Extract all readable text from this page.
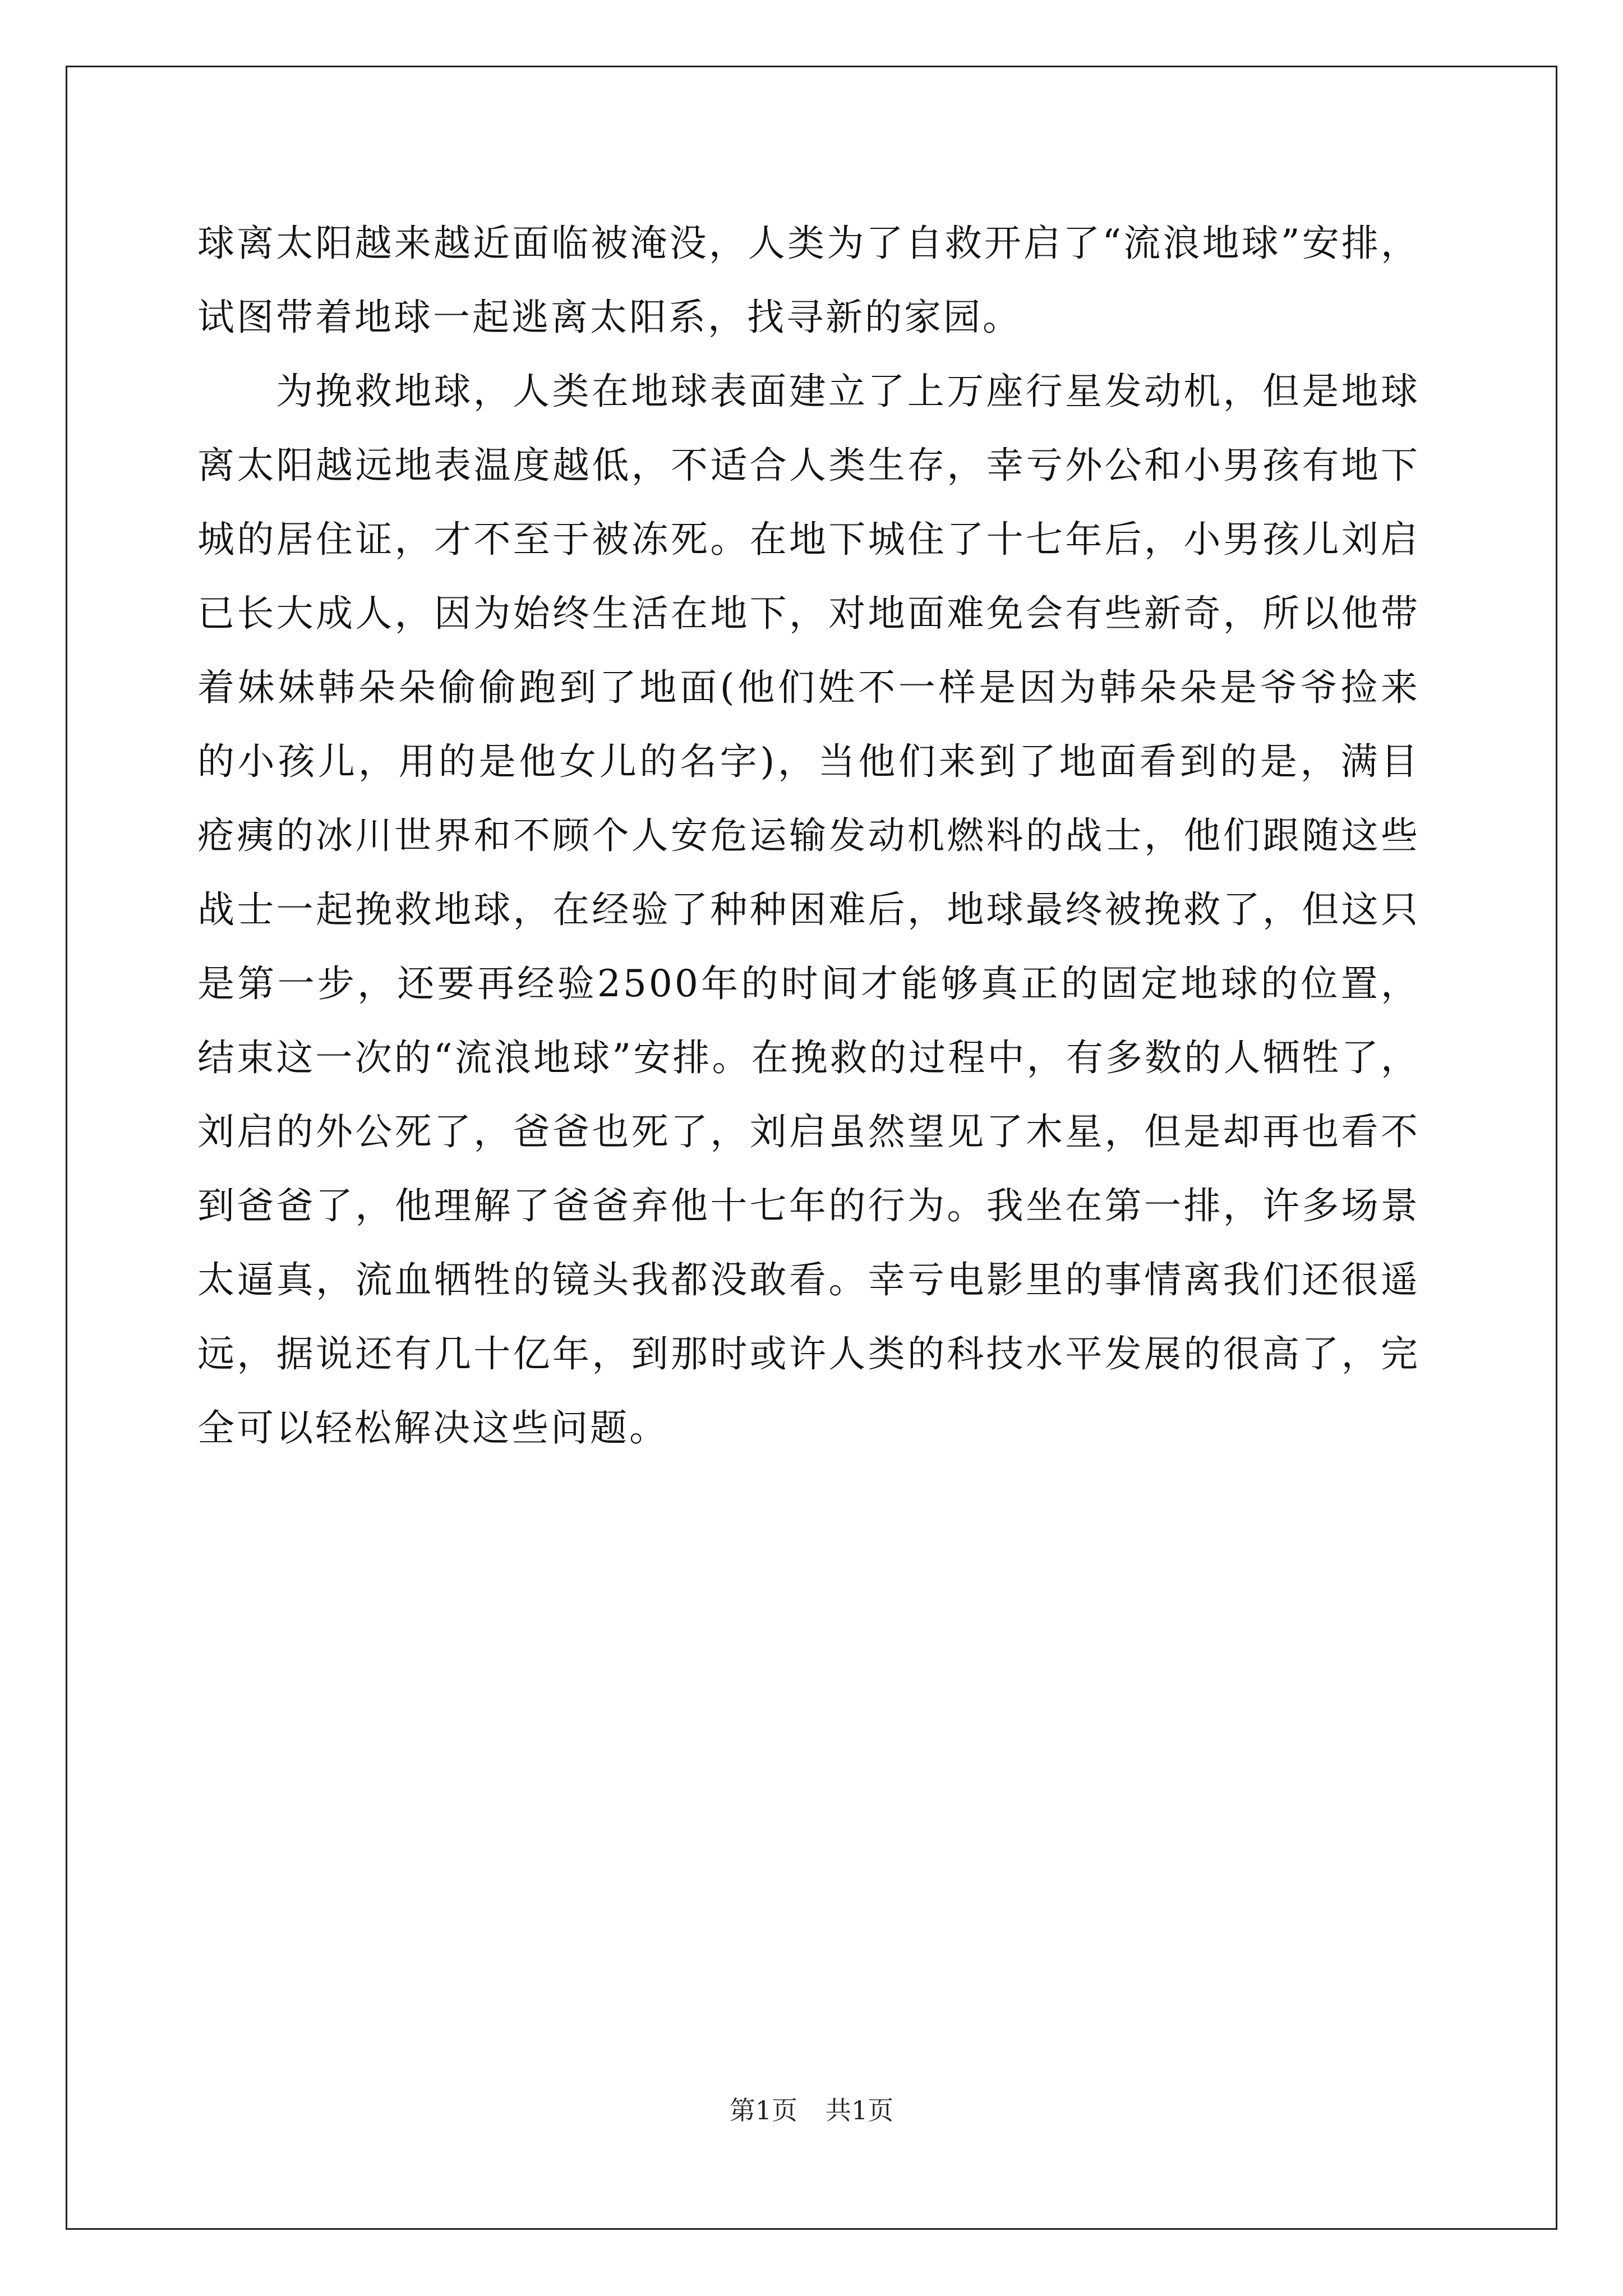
球离太阳越来越近面临被淹没，人类为了自救开启了“流浪地球”安排，试图带着地球一起逃离太阳系，找寻新的家园。

为挽救地球，人类在地球表面建立了上万座行星发动机，但是地球离太阳越远地表温度越低，不适合人类生存，幸亏外公和小男孩有地下城的居住证，才不至于被冻死。在地下城住了十七年后，小男孩儿刘启已长大成人，因为始终生活在地下，对地面难免会有些新奇，所以他带着妹妹韩朵朵偷偷跑到了地面(他们姓不一样是因为韩朵朵是爷爷捡来的小孩儿，用的是他女儿的名字)，当他们来到了地面看到的是，满目疮痍的冰川世界和不顾个人安危运输发动机燃料的战士，他们跟随这些战士一起挽救地球，在经验了种种困难后，地球最终被挽救了，但这只是第一步，还要再经验2500年的时间才能够真正的固定地球的位置，结束这一次的“流浪地球”安排。在挽救的过程中，有多数的人牺牲了，刘启的外公死了，爸爸也死了，刘启虽然望见了木星，但是却再也看不到爸爸了，他理解了爸爸弃他十七年的行为。我坐在第一排，许多场景太逼真，流血牺牲的镜头我都没敢看。幸亏电影里的事情离我们还很遥远，据说还有几十亿年，到那时或许人类的科技水平发展的很高了，完全可以轻松解决这些问题。

第1页 共1页
